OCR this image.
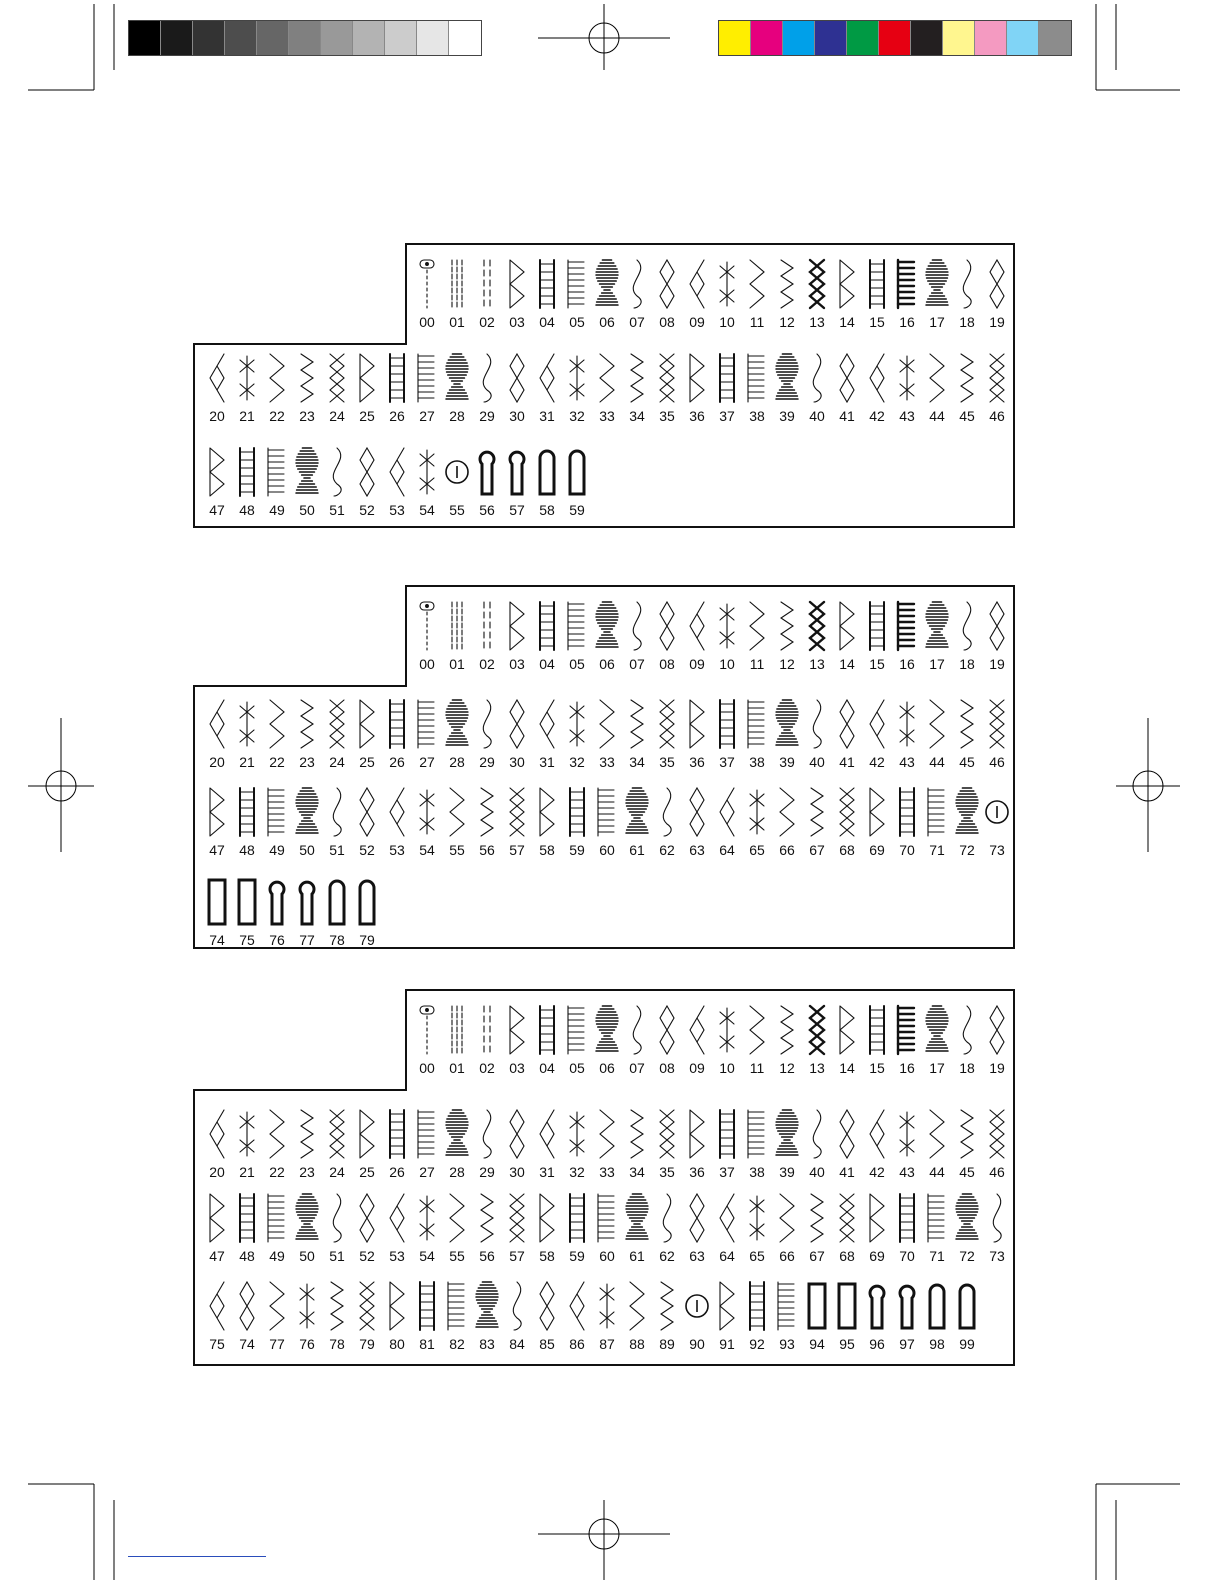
00	01	02	03	04	05	06	07	08	09	10	11	12	13	14	15	16	17	18	19
20	21	22	23	24	25	26	27	28	29	30	31	32	33	34	35	36	37	38	39	40	41	42	43	44	45	46
47	48	49	50	51	52	53	54	55	56	57	58	59
00	01	02	03	04	05	06	07	08	09	10	11	12	13	14	15	16	17	18	19
20	21	22	23	24	25	26	27	28	29	30	31	32	33	34	35	36	37	38	39	40	41	42	43	44	45	46
47	48	49	50	51	52	53	54	55	56	57	58	59	60	61	62	63	64	65	66	67	68	69	70	71	72	73
74	75	76	77	78	79
00	01	02	03	04	05	06	07	08	09	10	11	12	13	14	15	16	17	18	19
20	21	22	23	24	25	26	27	28	29	30	31	32	33	34	35	36	37	38	39	40	41	42	43	44	45	46
47	48	49	50	51	52	53	54	55	56	57	58	59	60	61	62	63	64	65	66	67	68	69	70	71	72	73
75	74	77	76	78	79	80	81	82	83	84	85	86	87	88	89	90	91	92	93	94	95	96	97	98	99
